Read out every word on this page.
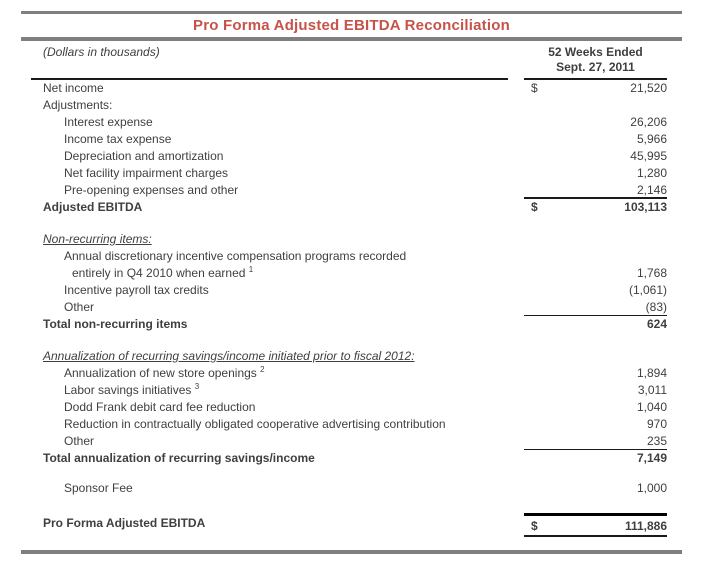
Pro Forma Adjusted EBITDA Reconciliation
(Dollars in thousands)	52 Weeks Ended
Sept. 27, 2011
Net income	$	21,520
Adjustments:
Interest expense	26,206
Income tax expense	5,966
Depreciation and amortization	45,995
Net facility impairment charges	1,280
Pre-opening expenses and other	2,146
Adjusted EBITDA	$	103,113
Non-recurring items:
Annual discretionary incentive compensation programs recorded
entirely in Q4 2010 when earned $^1$	1,768
Incentive payroll tax credits	(1,061)
Other	(83)
Total non-recurring items	624
Annualization of recurring savings/income initiated prior to fiscal 2012:
Annualization of new store openings $^2$	1,894
Labor savings initiatives $^3$	3,011
Dodd Frank debit card fee reduction	1,040
Reduction in contractually obligated cooperative advertising contribution	970
Other	235
Total annualization of recurring savings/income	7,149
Sponsor Fee	1,000
Pro Forma Adjusted EBITDA	$	111,886
